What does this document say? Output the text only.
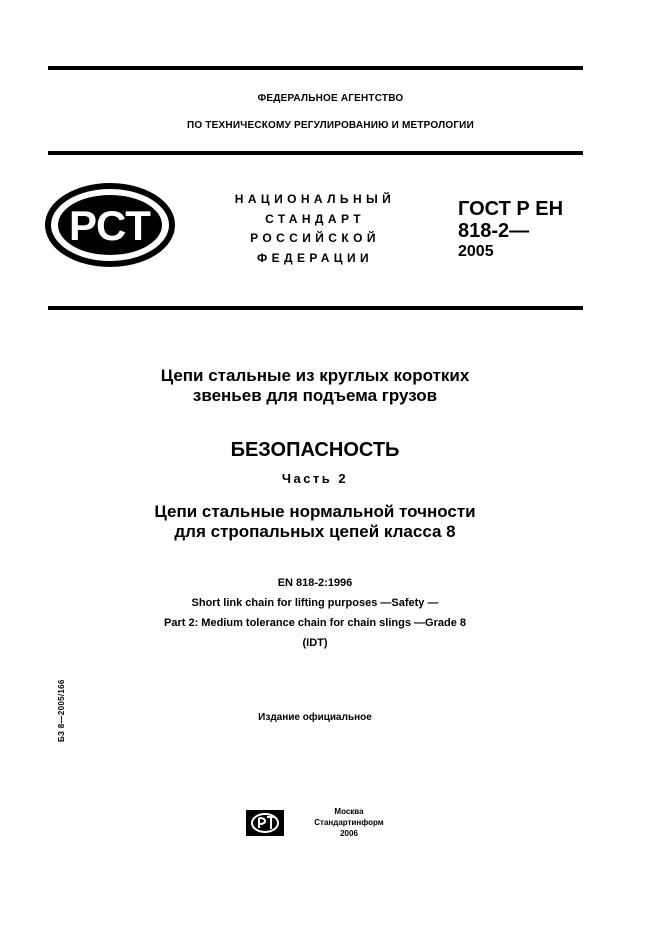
ФЕДЕРАЛЬНОЕ АГЕНТСТВО
ПО ТЕХНИЧЕСКОМУ РЕГУЛИРОВАНИЮ И МЕТРОЛОГИИ
РСТ
НАЦИОНАЛЬНЫЙ
СТАНДАРТ
РОССИЙСКОЙ
ФЕДЕРАЦИИ
ГОСТ Р ЕН
818-2—
2005
Цепи стальные из круглых коротких
звеньев для подъема грузов
БЕЗОПАСНОСТЬ
Часть 2
Цепи стальные нормальной точности
для стропальных цепей класса 8
EN 818-2:1996
Short link chain for lifting purposes —Safety —
Part 2: Medium tolerance chain for chain slings —Grade 8
(IDT)
Издание официальное
БЗ 8—2005/166
Москва
Стандартинформ
2006
